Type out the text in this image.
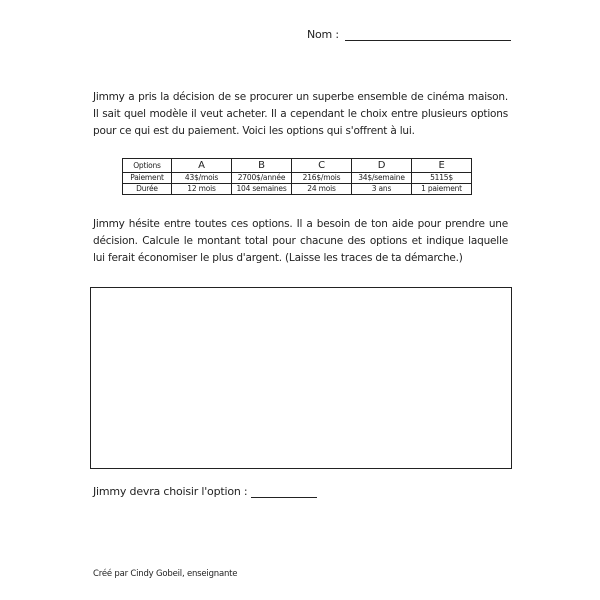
Nom :
Jimmy a pris la décision de se procurer un superbe ensemble de cinéma maison. Il sait quel modèle il veut acheter. Il a cependant le choix entre plusieurs options pour ce qui est du paiement. Voici les options qui s'offrent à lui.
Options	A	B	C	D	E
Paiement	43$/mois	2700$/année	216$/mois	34$/semaine	5115$
Durée	12 mois	104 semaines	24 mois	3 ans	1 paiement
Jimmy hésite entre toutes ces options. Il a besoin de ton aide pour prendre une décision. Calcule le montant total pour chacune des options et indique laquelle lui ferait économiser le plus d'argent. (Laisse les traces de ta démarche.)
Jimmy devra choisir l'option :
Créé par Cindy Gobeil, enseignante
